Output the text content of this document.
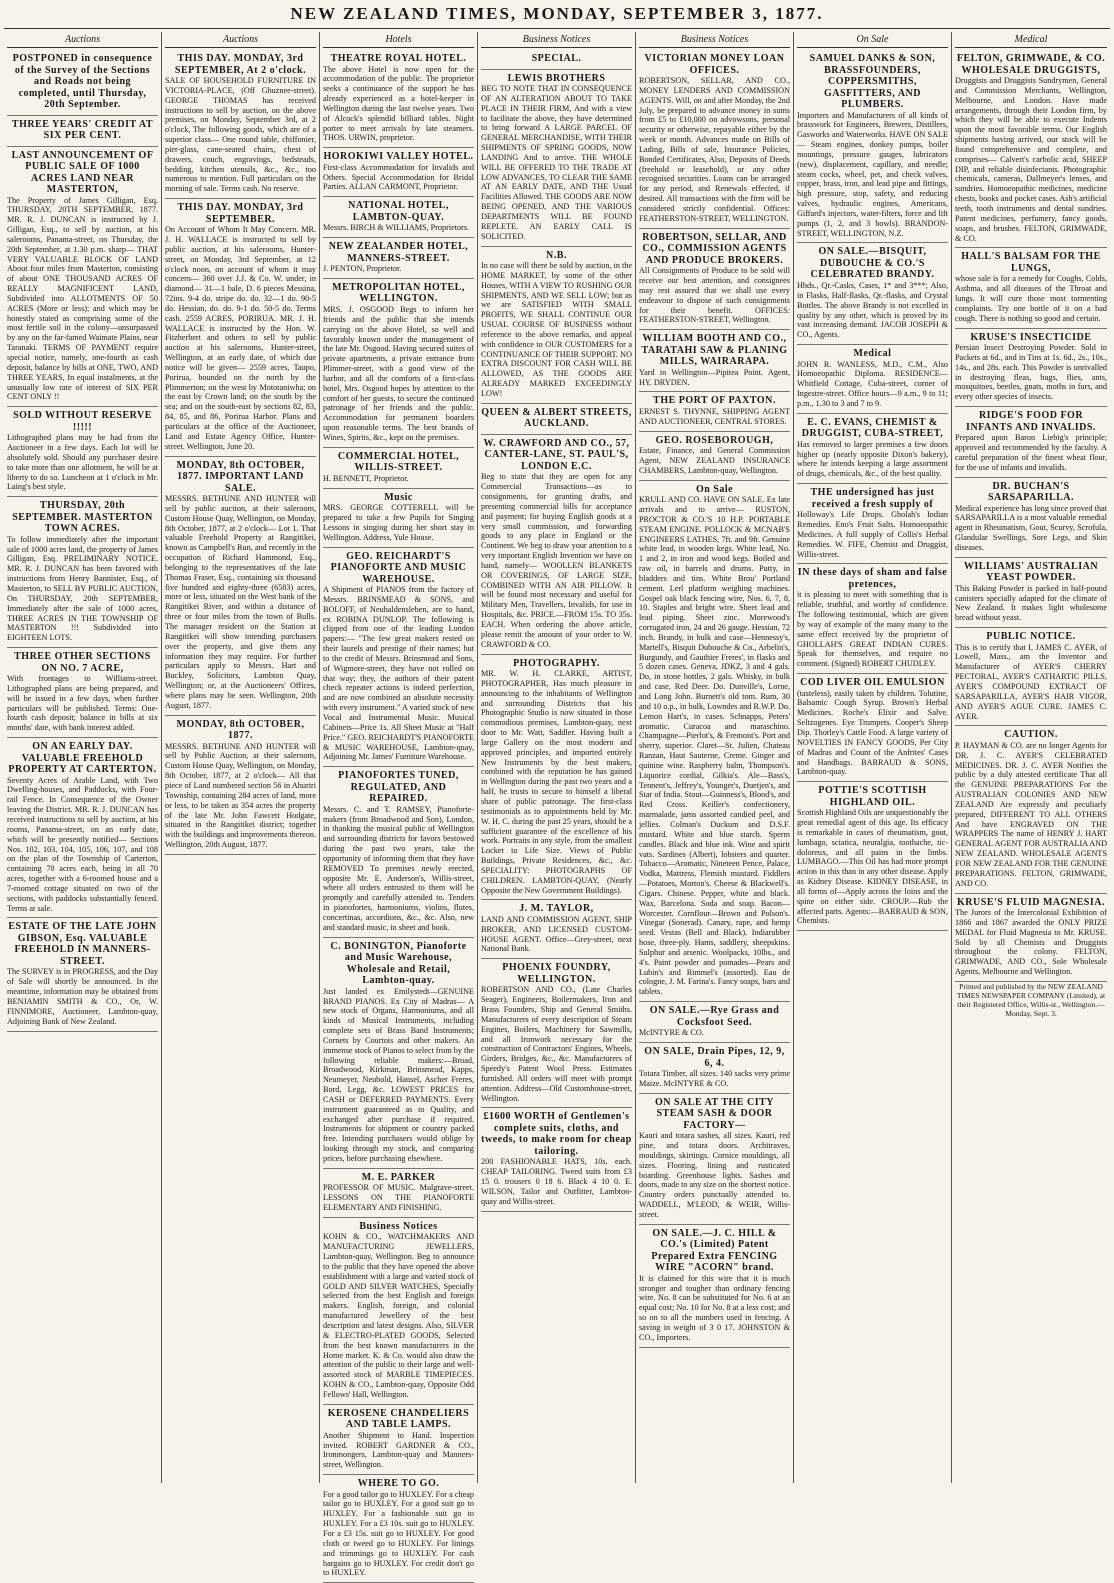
NEW ZEALAND TIMES, MONDAY, SEPTEMBER 3, 1877.
Auctions
POSTPONED in consequence of the Survey of the Sections and Roads not being completed, until Thursday, 20th September.
THREE YEARS' CREDIT AT SIX PER CENT.
LAST ANNOUNCEMENT OF PUBLIC SALE OF 1000 ACRES LAND NEAR MASTERTON,

The Property of James Gilligan, Esq. THURSDAY, 20TH SEPTEMBER, 1877. MR. R. J. DUNCAN is instructed by J. Gilligan, Esq., to sell by auction, at his salerooms, Panama-street, on Thursday, the 20th September, at 1.30 p.m. sharp— THAT VERY VALUABLE BLOCK OF LAND About four miles from Masterton, consisting of about ONE THOUSAND ACRES OF REALLY MAGNIFICENT LAND, Subdivided into ALLOTMENTS OF 50 ACRES (More or less); and which may be honestly stated as comprising some of the most fertile soil in the colony—unsurpassed by any on the far-famed Waimate Plains, near Taranaki. TERMS OF PAYMENT require special notice, namely, one-fourth as cash deposit, balance by bills at ONE, TWO, AND THREE YEARS, In equal instalments, at the unusually low rate of interest of SIX PER CENT ONLY !!

SOLD WITHOUT RESERVE !!!!!

Lithographed plans may be had from the Auctioneer in a few days. Each lot will be absolutely sold. Should any purchaser desire to take more than one allotment, he will be at liberty to do so. Luncheon at 1 o'clock in Mr. Laing's best style.

THURSDAY, 20th SEPTEMBER. MASTERTON TOWN ACRES.

To follow immediately after the important sale of 1000 acres land, the property of James Gilligan, Esq. PRELIMINARY NOTICE. MR. R. J. DUNCAN has been favored with instructions from Henry Bannister, Esq., of Masterton, to SELL BY PUBLIC AUCTION, On THURSDAY, 20th SEPTEMBER, Immediately after the sale of 1000 acres, THREE ACRES IN THE TOWNSHIP OF MASTERTON !!! Subdivided into EIGHTEEN LOTS.

THREE OTHER SECTIONS ON NO. 7 ACRE,

With frontages to Williams-street. Lithographed plans are being prepared, and will be issued in a few days, when further particulars will be published. Terms: One-fourth cash deposit; balance in bills at six months' date, with bank interest added.

ON AN EARLY DAY. VALUABLE FREEHOLD PROPERTY AT CARTERTON.

Seventy Acres of Arable Land, with Two Dwelling-houses, and Paddocks, with Four-rail Fence. In Consequence of the Owner leaving the District. MR. R. J. DUNCAN has received instructions to sell by auction, at his rooms, Panama-street, on an early date, which will be presently notified— Sections Nos. 102, 103, 104, 105, 106, 107, and 108 on the plan of the Township of Carterton, containing 70 acres each, being in all 70 acres, together with a 6-roomed house and a 7-roomed cottage situated on two of the sections, with paddocks substantially fenced. Terms at sale.

ESTATE OF THE LATE JOHN GIBSON, Esq. VALUABLE FREEHOLD IN MANNERS-STREET.

The SURVEY is in PROGRESS, and the Day of Sale will shortly be announced. In the meantime, information may be obtained from BENJAMIN SMITH & CO., Or, W. FINNIMORE, Auctioneer, Lambton-quay, Adjoining Bank of New Zealand.

Auctions
THIS DAY. MONDAY, 3rd SEPTEMBER, At 2 o'clock.

SALE OF HOUSEHOLD FURNITURE IN VICTORIA-PLACE, (Off Ghuznee-street). GEORGE THOMAS has received instructions to sell by auction, on the above premises, on Monday, September 3rd, at 2 o'clock, The following goods, which are of a superior class— One round table, chiffonier, pier-glass, cane-seated chairs, chest of drawers, couch, engravings, bedsteads, bedding, kitchen utensils, &c., &c., too numerous to mention. Full particulars on the morning of sale. Terms cash. No reserve.

THIS DAY. MONDAY, 3rd SEPTEMBER.

On Account of Whom It May Concern. MR. J. H. WALLACE is instructed to sell by public auction, at his salerooms, Hunter-street, on Monday, 3rd September, at 12 o'clock noon, on account of whom it may concern— 360 over J.J. & Co. W. under, in diamond— 31—1 bale, D. 6 pieces Messina, 72ins. 9-4 do. stripe do. do. 32—1 do. 90-5 do. Hessian, do. do. 9-1 do. 50-5 do. Terms cash. 2559 ACRES, PORIRUA. MR. J. H. WALLACE is instructed by the Hon. W. Fitzherbert and others to sell by public auction at his salerooms, Hunter-street, Wellington, at an early date, of which due notice will be given— 2559 acres, Taupo, Porirua, bounded on the north by the Plimmerton; on the west by Mototaniwha; on the east by Crown land; on the south by the sea; and on the south-east by sections 82, 83, 84, 85, and 86, Porirua Harbor. Plans and particulars at the office of the Auctioneer, Land and Estate Agency Office, Hunter-street. Wellington, June 20.

MONDAY, 8th OCTOBER, 1877. IMPORTANT LAND SALE.

MESSRS. BETHUNE AND HUNTER will sell by public auction, at their saleroom, Custom House Quay, Wellington, on Monday, 8th October, 1877, at 2 o'clock— Lot 1. That valuable Freehold Property at Rangitikei, known as Campbell's Run, and recently in the occupation of Richard Hammond, Esq., belonging to the representatives of the late Thomas Fraser, Esq., containing six thousand five hundred and eighty-three (6583) acres, more or less, situated on the West bank of the Rangitikei River, and within a distance of three or four miles from the town of Bulls. The manager resident on the Station at Rangitikei will show intending purchasers over the property, and give them any information they may require. For further particulars apply to Messrs. Hart and Buckley, Solicitors, Lambton Quay, Wellington; or, at the Auctioneers' Offices, where plans may be seen. Wellington, 20th August, 1877.

MONDAY, 8th OCTOBER, 1877.

MESSRS. BETHUNE AND HUNTER will sell by Public Auction, at their saleroom, Custom House Quay, Wellington, on Monday, 8th October, 1877, at 2 o'clock— All that piece of Land numbered section 56 in Ahuriri Township, containing 284 acres of land, more or less, to be taken as 354 acres the property of the late Mr. John Fawcett Hodgate, situated in the Rangitikei district; together with the buildings and improvements thereon. Wellington, 20th August, 1877.

Hotels
THEATRE ROYAL HOTEL.

The above Hotel is now open for the accommodation of the public. The proprietor seeks a continuance of the support he has already experienced as a hotel-keeper in Wellington during the last twelve years. Two of Alcock's splendid billiard tables. Night porter to meet arrivals by late steamers. THOS. URWIN, proprietor.

HOROKIWI VALLEY HOTEL.

First-class Accommodation for Invalids and Others. Special Accommodation for Bridal Parties. ALLAN CARMONT, Proprietor.

NATIONAL HOTEL, LAMBTON-QUAY.

Messrs. BIRCH & WILLIAMS, Proprietors.

NEW ZEALANDER HOTEL, MANNERS-STREET.

J. PENTON, Proprietor.

METROPOLITAN HOTEL, WELLINGTON.

MRS. J. OSGOOD Begs to inform her friends and the public that she intends carrying on the above Hotel, so well and favorably known under the management of the late Mr. Osgood. Having secured suites of private apartments, a private entrance from Plimmer-street, with a good view of the harbor, and all the comforts of a first-class hotel, Mrs. Osgood hopes by attention to the comfort of her guests, to secure the continued patronage of her friends and the public. Accommodation for permanent boarders upon reasonable terms. The best brands of Wines, Spirits, &c., kept on the premises.

COMMERCIAL HOTEL, WILLIS-STREET.

H. BENNETT, Proprietor.

Music

MRS. GEORGE COTTERELL will be prepared to take a few Pupils for Singing Lessons in singing during her short stay in Wellington. Address, Yule House.

GEO. REICHARDT'S PIANOFORTE AND MUSIC WAREHOUSE.

A Shipment of PIANOS from the factory of Messrs. BRINSMEAD & SONS, and BOLOFF, of Neuhaldensleben, are to hand, ex ROBINA DUNLOP. The following is clipped from one of the leading London papers:— "The few great makers rested on their laurels and prestige of their names; but to the credit of Messrs. Brinsmead and Sons, of Wigmore-street, they have not rolled on that way; they, the authors of their patent check repeater actions is indeed perfection, and are now combined an absolute necessity with every instrument." A varied stock of new Vocal and Instrumental Music. Musical Cabinets—Price 1s. All Sheet Music at "Half Price." GEO. REICHARDT'S PIANOFORTE & MUSIC WAREHOUSE, Lambton-quay, Adjoining Mr. James' Furniture Warehouse.

PIANOFORTES TUNED, REGULATED, AND REPAIRED.

Messrs. C. and T. RAMSEY, Pianoforte-makers (from Broadwood and Son), London, in thanking the musical public of Wellington and surrounding districts for favors bestowed during the past two years, take the opportunity of informing them that they have REMOVED To premises newly erected, opposite Mr. E. Anderson's, Willis-street, where all orders entrusted to them will be promptly and carefully attended to. Tenders in pianofortes, harmoniums, violins, flutes, concertinas, accordions, &c., &c. Also, new and standard music, in sheet and book.

C. BONINGTON, Pianoforte and Music Warehouse, Wholesale and Retail, Lambton-quay.

Just landed ex Emilystedt—GENUINE BRAND PIANOS. Ex City of Madras— A new stock of Organs, Harmoniums, and all kinds of Musical Instruments, including complete sets of Brass Band Instruments; Cornets by Courtois and other makers. An immense stock of Pianos to select from by the following reliable makers:—Broad, Broadwood, Kirkman, Brinsmead, Kapps, Neumeyer, Neubold, Hansel, Ascher Freres, Bord, Legg, &c. LOWEST PRICES for CASH or DEFERRED PAYMENTS. Every instrument guaranteed as to Quality, and exchanged after purchase if required. Instruments for shipment or country packed free. Intending purchasers would oblige by looking through my stock, and comparing prices, before purchasing elsewhere.

M. E. PARKER

PROFESSOR OF MUSIC. Mulgrave-street. LESSONS ON THE PIANOFORTE ELEMENTARY AND FINISHING.

Business Notices

KOHN & CO., WATCHMAKERS AND MANUFACTURING JEWELLERS, Lambton-quay, Wellington. Beg to announce to the public that they have opened the above establishment with a large and varied stock of GOLD AND SILVER WATCHES, Specially selected from the best English and foreign makers. English, foreign, and colonial manufactured Jewellery of the best description and latest designs. Also, SILVER & ELECTRO-PLATED GOODS, Selected from the best known manufacturers in the Home market. K. & Co. would also draw the attention of the public to their large and well-assorted stock of MARBLE TIMEPIECES. KOHN & CO., Lambton-quay, Opposite Odd Fellows' Hall, Wellington.

KEROSENE CHANDELIERS AND TABLE LAMPS.

Another Shipment to Hand. Inspection invited. ROBERT GARDNER & CO., Ironmongers, Lambton-quay and Manners-street, Wellington.

WHERE TO GO.

For a good tailor go to HUXLEY. For a cheap tailor go to HUXLEY. For a good suit go to HUXLEY. For a fashionable suit go to HUXLEY. For a £3 10s. suit go to HUXLEY. For a £3 15s. suit go to HUXLEY. For good cloth or tweed go to HUXLEY. For linings and trimmings go to HUXLEY. For cash bargains go to HUXLEY. For credit don't go to HUXLEY.

Business Notices
SPECIAL.
LEWIS BROTHERS

BEG TO NOTE THAT IN CONSEQUENCE OF AN ALTERATION ABOUT TO TAKE PLACE IN THEIR FIRM, And with a view to facilitate the above, they have determined to bring forward A LARGE PARCEL OF GENERAL MERCHANDISE, WITH THEIR SHIPMENTS OF SPRING GOODS, NOW LANDING And to arrive. THE WHOLE WILL BE OFFERED TO THE TRADE AT LOW ADVANCES, TO CLEAR THE SAME AT AN EARLY DATE, AND THE Usual Facilities Allowed. THE GOODS ARE NOW BEING OPENED, AND THE VARIOUS DEPARTMENTS WILL BE FOUND REPLETE. AN EARLY CALL IS SOLICITED.

N.B.

In no case will there be sold by auction, in the HOME MARKET, by some of the other Houses, WITH A VIEW TO RUSHING OUR SHIPMENTS, AND WE SELL LOW; but as we are SATISFIED WITH SMALL PROFITS, WE SHALL CONTINUE OUR USUAL COURSE OF BUSINESS without reference to the above remarks, and appeal with confidence to OUR CUSTOMERS for a CONTINUANCE OF THEIR SUPPORT. NO EXTRA DISCOUNT FOR CASH WILL BE ALLOWED, AS THE GOODS ARE ALREADY MARKED EXCEEDINGLY LOW!

QUEEN & ALBERT STREETS, AUCKLAND.
W. CRAWFORD AND CO., 57, CANTER-LANE, ST. PAUL'S, LONDON E.C.

Beg to state that they are open for any Commercial Transactions—as to consignments, for granting drafts, and presenting commercial bills for acceptance and payment; for buying English goods at a very small commission, and forwarding goods to any place in England or the Continent. We beg to draw your attention to a very important English Invention we have on hand, namely— WOOLLEN BLANKETS OR COVERINGS, OF LARGE SIZE, COMBINED WITH AN AIR PILLOW. It will be found most necessary and useful for Military Men, Travellers, Invalids, for use in Hospitals, &c. PRICE.—FROM 15s. TO 35s. EACH. When ordering the above article, please remit the amount of your order to W. CRAWFORD & CO.

PHOTOGRAPHY.

MR. W. H. CLARKE, ARTIST, PHOTOGRAPHER, Has much pleasure in announcing to the inhabitants of Wellington and surrounding Districts that his Photographic Studio is now situated in those commodious premises, Lambton-quay, next door to Mr. Watt, Saddler. Having built a large Gallery on the most modern and approved principles, and imported entirely New Instruments by the best makers, combined with the reputation he has gained in Wellington during the past two years and a half, he trusts to secure to himself a liberal share of public patronage. The first-class testimonials as to appointments held by Mr. W. H. C. during the past 25 years, should be a sufficient guarantee of the excellence of his work. Portraits in any style, from the smallest Locket to Life Size. Views of Public Buildings, Private Residences, &c., &c. SPECIALITY: PHOTOGRAPHS OF CHILDREN. LAMBTON-QUAY, (Nearly Opposite the New Government Buildings).

J. M. TAYLOR,

LAND AND COMMISSION AGENT, SHIP BROKER, AND LICENSED CUSTOM-HOUSE AGENT. Office—Grey-street, next National Bank.

PHOENIX FOUNDRY, WELLINGTON.

ROBERTSON AND CO., (Late Charles Seager), Engineers, Boilermakers, Iron and Brass Founders, Ship and General Smiths. Manufacturers of every description of Steam Engines, Boilers, Machinery for Sawmills, and all Ironwork necessary for the construction of Contractors' Engines, Wheels, Girders, Bridges, &c., &c. Manufacturers of Speedy's Patent Wool Press. Estimates furnished. All orders will meet with prompt attention. Address—Old Customhouse-street, Wellington.

£1600 WORTH of Gentlemen's complete suits, cloths, and tweeds, to make room for cheap tailoring.

200 FASHIONABLE HATS, 10s. each. CHEAP TAILORING. Tweed suits from £3 15 0. trousers 0 18 6. Black 4 10 0. E. WILSON, Tailor and Outfitter, Lambton-quay and Willis-street.

Business Notices
VICTORIAN MONEY LOAN OFFICES.

ROBERTSON, SELLAR, AND CO., MONEY LENDERS AND COMMISSION AGENTS. Will, on and after Monday, the 2nd July, be prepared to advance money in sums from £5 to £10,000 on advowsons, personal security or otherwise, repayable either by the week or month. Advances made on Bills of Lading, Bills of sale, Insurance Policies, Bonded Certificates, Also, Deposits of Deeds (freehold or leasehold), or any other recognised securities. Loans can be arranged for any period, and Renewals effected, if desired. All transactions with the firm will be considered strictly confidential. Offices: FEATHERSTON-STREET, WELLINGTON.

ROBERTSON, SELLAR, AND CO., COMMISSION AGENTS AND PRODUCE BROKERS.

All Consignments of Produce to be sold will receive our best attention, and consignees may rest assured that we shall use every endeavour to dispose of such consignments for their benefit. OFFICES: FEATHERSTON-STREET, Wellington.

WILLIAM BOOTH AND CO., TARATAHI SAW & PLANING MILLS, WAIRARAPA.

Yard in Wellington—Pipitea Point. Agent, HY. DRYDEN.

THE PORT OF PAXTON.

ERNEST S. THYNNE, SHIPPING AGENT AND AUCTIONEER, CENTRAL STORES.

GEO. ROSEBOROUGH,

Estate, Finance, and General Commission Agent, NEW ZEALAND INSURANCE CHAMBERS, Lambton-quay, Wellington.

On Sale

KRULL AND CO. HAVE ON SALE. Ex late arrivals and to arrive— RUSTON, PROCTOR & CO.'S 10 H.P. PORTABLE STEAM ENGINE. POLLOCK & MCNAB'S ENGINEERS LATHES, 7ft. and 9ft. Genuine white lead, in wooden kegs. White lead, No. 1 and 2, in iron and wood kegs. Boiled and raw oil, in barrels and drums. Putty, in bladders and tins. White Brou' Portland cement. Lerl platform weighing machines. Gospel oak black fencing wire, Nos. 6, 7, 8, 10. Staples and bright wire. Sheet lead and lead piping. Sheet zinc. Morewood's corrugated iron, 24 and 26 gauge. Hessian, 72 inch. Brandy, in bulk and case—Hennessy's, Martell's, Bisquit Dubouche & Co., Arbelin's, Burgundy, and Gauthier Freres', in flasks and 5 dozen cases. Geneva, JDKZ, 3 and 4 gals. Do, in stone bottles, 2 gals. Whisky, in bulk and case, Red Deer. Do. Dunville's, Lorne, and Long John. Burnett's old tom. Rum, 30 and 10 o.p., in bulk, Lowndes and R.W.P. Do. Lemon Hart's, in cases. Schnapps, Peters' aromatic. Curacoa and maraschino. Champagne—Pierlot's, & Fremont's. Port and sherry, superior. Claret—St. Julien, Chateau Ranzan, Haut Sauterne, Creme. Ginger and quinine wine. Raspberry balm, Thompson's. Liquorice cordial, Gilkia's. Ale—Bass's, Tennent's, Jeffrey's, Younger's, Duetjen's, and Star of India. Stout—Guinness's, Blood's, and Red Cross. Keiller's confectionery, marmalade, jams assorted candied peel, and jellies. Colman's Duckum and D.S.F. mustard. White and blue starch. Sperm candles. Black and blue ink. Wine and spirit vats. Sardines (Albert), lobsters and quarter. Tobacco—Aromatic, Nineteen Pence, Palace, Vodka, Mattress, Flemish mustard. Fiddlers—Potatoes, Morton's. Cheese & Blackwell's. Cigars. Chinese. Pepper, white and black. Wax, Barcelona. Soda and soap. Bacon—Worcester. Cornflour—Brown and Polson's. Vinegar (Sonerad). Canary, rape, and hemp seed. Vestas (Bell and Black). Indiarubber hose, three-ply. Hams, saddlery, sheepskins. Sulphur and arsenic. Woolpacks, 10lbs., and 4's. Paint powder and pomades—Pears and Lubin's and Rimmel's (assorted). Eau de cologne, J. M. Farina's. Fancy soaps, bars and tablets.

ON SALE.—Rye Grass and Cocksfoot Seed.

McINTYRE & CO.

ON SALE, Drain Pipes, 12, 9, 6, 4.

Totara Timber, all sizes. 140 sacks very prime Maize. McINTYRE & CO.

ON SALE AT THE CITY STEAM SASH & DOOR FACTORY—

Kauri and totara sashes, all sizes. Kauri, red pine, and totara doors. Architraves, mouldings, skirtings. Cornice mouldings, all sizes. Flooring, lining and rusticated boarding. Greenhouse lights. Sashes and doors, made to any size on the shortest notice. Country orders punctually attended to. WADDELL, M'LEOD, & WEIR, Willis-street.

ON SALE.—J. C. HILL & CO.'s (Limited) Patent Prepared Extra FENCING WIRE "ACORN" brand.

It is claimed for this wire that it is much stronger and tougher than ordinary fencing wire. No. 8 can be substituted for No. 6 at an equal cost; No. 10 for No. 8 at a less cost; and so on to all the numbers used in fencing. A saving in weight of 3 0 17. JOHNSTON & CO., Importers.

On Sale
SAMUEL DANKS & SON, BRASSFOUNDERS, COPPERSMITHS, GASFITTERS, AND PLUMBERS.

Importers and Manufacturers of all kinds of brasswork for Engineers, Brewers, Distillers, Gasworks and Waterworks. HAVE ON SALE— Steam engines, donkey pumps, boiler mountings, pressure gauges, lubricators (new), displacement, capillary, and needle; steam cocks, wheel, pet, and check valves, copper, brass, iron, and lead pipe and fittings, high pressure, stop, safety, and reducing valves, hydraulic engines, Americans, Giffard's injectors, water-filters, force and lift pumps (1, 2, and 3 bowls). BRANDON-STREET, WELLINGTON, N.Z.

ON SALE.—BISQUIT, DUBOUCHE & CO.'S CELEBRATED BRANDY.

Hhds., Qr.-Casks, Cases, 1* and 3***; Also, in Flasks, Half-flasks, Qr.-flasks, and Crystal Bottles. The above Brandy is not excelled in quality by any other, which is proved by its vast increasing demand. JACOB JOSEPH & CO., Agents.

Medical

JOHN R. WANLESS, M.D., C.M., Also Homoeopathic Diploma. RESIDENCE—Whitfield Cottage, Cuba-street, corner of Ingestre-street. Office hours—9 a.m., 9 to 11; p.m., 1.30 to 3 and 7 to 9.

E. C. EVANS, CHEMIST & DRUGGIST, CUBA-STREET,

Has removed to larger premises a few doors higher up (nearly opposite Dixon's bakery), where he intends keeping a large assortment of drugs, chemicals, &c., of the best quality.

THE undersigned has just received a fresh supply of

Holloway's Life Drops. Gholah's Indian Remedies. Eno's Fruit Salts. Homoeopathic Medicines. A full supply of Collis's Herbal Remedies. W. FIFE, Chemist and Druggist, Willis-street.

IN these days of sham and false pretences,

it is pleasing to meet with something that is reliable, truthful, and worthy of confidence. The following testimonial, which are given by way of example of the many many to the same effect received by the proprietor of GHOLLAH'S GREAT INDIAN CURES. Speak for themselves, and require no comment. (Signed) ROBERT CHUDLEY.

COD LIVER OIL EMULSION

(tasteless), easily taken by children. Tolutine, Balsamic Cough Syrup. Brown's Herbal Medicines. Roche's Elixir and Salve. Seltzogenes. Eye Trumpets. Cooper's Sheep Dip. Thorley's Cattle Food. A large variety of NOVELTIES IN FANCY GOODS, Per City of Madras and Count of the Anfrites' Cases and Handbags. BARRAUD & SONS, Lambton-quay.

POTTIE'S SCOTTISH HIGHLAND OIL.

Scottish Highland Oils are unquestionably the great remedial agent of this age. Its efficacy is remarkable in cases of rheumatism, gout, lumbago, sciatica, neuralgia, toothache, tic-doloreux, and all pains in the limbs. LUMBAGO.—This Oil has had more prompt action in this than in any other disease. Apply as Kidney Disease. KIDNEY DISEASE, in all forms of—Apply across the loins and the spine on either side. CROUP.—Rub the affected parts. Agents:—BARRAUD & SON, Chemists.

Medical
FELTON, GRIMWADE, & CO. WHOLESALE DRUGGISTS,

Druggists and Druggists Sundrymen, General and Commission Merchants, Wellington, Melbourne, and London. Have made arrangements, through their London firm, by which they will be able to execute Indents upon the most favorable terms. Our English shipments having arrived, our stock will be found comprehensive and complete, and comprises— Calvert's carbolic acid, SHEEP DIP, and reliable disinfectants. Photographic chemicals, cameras, Dallmeyer's lenses, and sundries. Homoeopathic medicines, medicine chests, books and pocket cases. Ash's artificial teeth, tooth instruments and dental sundries. Patent medicines, perfumery, fancy goods, soaps, and brushes. FELTON, GRIMWADE, & CO.

HALL'S BALSAM FOR THE LUNGS,

whose sale is for a remedy for Coughs, Colds, Asthma, and all diseases of the Throat and lungs. It will cure those most tormenting complaints. Try one bottle of it on a bad cough. There is nothing so good and certain.

KRUSE'S INSECTICIDE

Persian Insect Destroying Powder. Sold in Packets at 6d., and in Tins at 1s. 6d., 2s., 10s., 14s., and 28s. each. This Powder is unrivalled in destroying fleas, bugs, flies, ants, mosquitoes, beetles, gnats, moths in furs, and every other species of insects.

RIDGE'S FOOD FOR INFANTS AND INVALIDS.

Prepared upon Baron Liebig's principle; approved and recommended by the faculty. A careful preparation of the finest wheat flour, for the use of infants and invalids.

DR. BUCHAN'S SARSAPARILLA.

Medical experience has long since proved that SARSAPARILLA is a most valuable remedial agent in Rheumatism, Gout, Scurvy, Scrofula, Glandular Swellings, Sore Legs, and Skin diseases.

WILLIAMS' AUSTRALIAN YEAST POWDER.

This Baking Powder is packed in half-pound canisters specially adapted for the climate of New Zealand. It makes light wholesome bread without yeast.

PUBLIC NOTICE.

This is to certify that I, JAMES C. AYER, of Lowell, Mass., am the Inventor and Manufacturer of AYER'S CHERRY PECTORAL, AYER'S CATHARTIC PILLS, AYER'S COMPOUND EXTRACT OF SARSAPARILLA, AYER'S HAIR VIGOR, AND AYER'S AGUE CURE. JAMES C. AYER.

CAUTION.

P. HAYMAN & CO. are no longer Agents for DR. J. C. AYER'S CELEBRATED MEDICINES. DR. J. C. AYER Notifies the public by a duly attested certificate That all the GENUINE PREPARATIONS For the AUSTRALIAN COLONIES AND NEW ZEALAND Are expressly and peculiarly prepared, DIFFERENT TO ALL OTHERS And have ENGRAVED ON THE WRAPPERS The name of HENRY J. HART GENERAL AGENT FOR AUSTRALIA AND NEW ZEALAND. WHOLESALE AGENTS FOR NEW ZEALAND FOR THE GENUINE PREPARATIONS. FELTON, GRIMWADE, AND CO.

KRUSE'S FLUID MAGNESIA.

The Jurors of the Intercolonial Exhibition of 1866 and 1867 awarded the ONLY PRIZE MEDAL for Fluid Magnesia to Mr. KRUSE. Sold by all Chemists and Druggists throughout the colony. FELTON, GRIMWADE, AND CO., Sole Wholesale Agents, Melbourne and Wellington.

Printed and published by the NEW ZEALAND TIMES NEWSPAPER COMPANY (Limited), at their Registered Office, Willis-st., Wellington.—Monday, Sept. 3.
